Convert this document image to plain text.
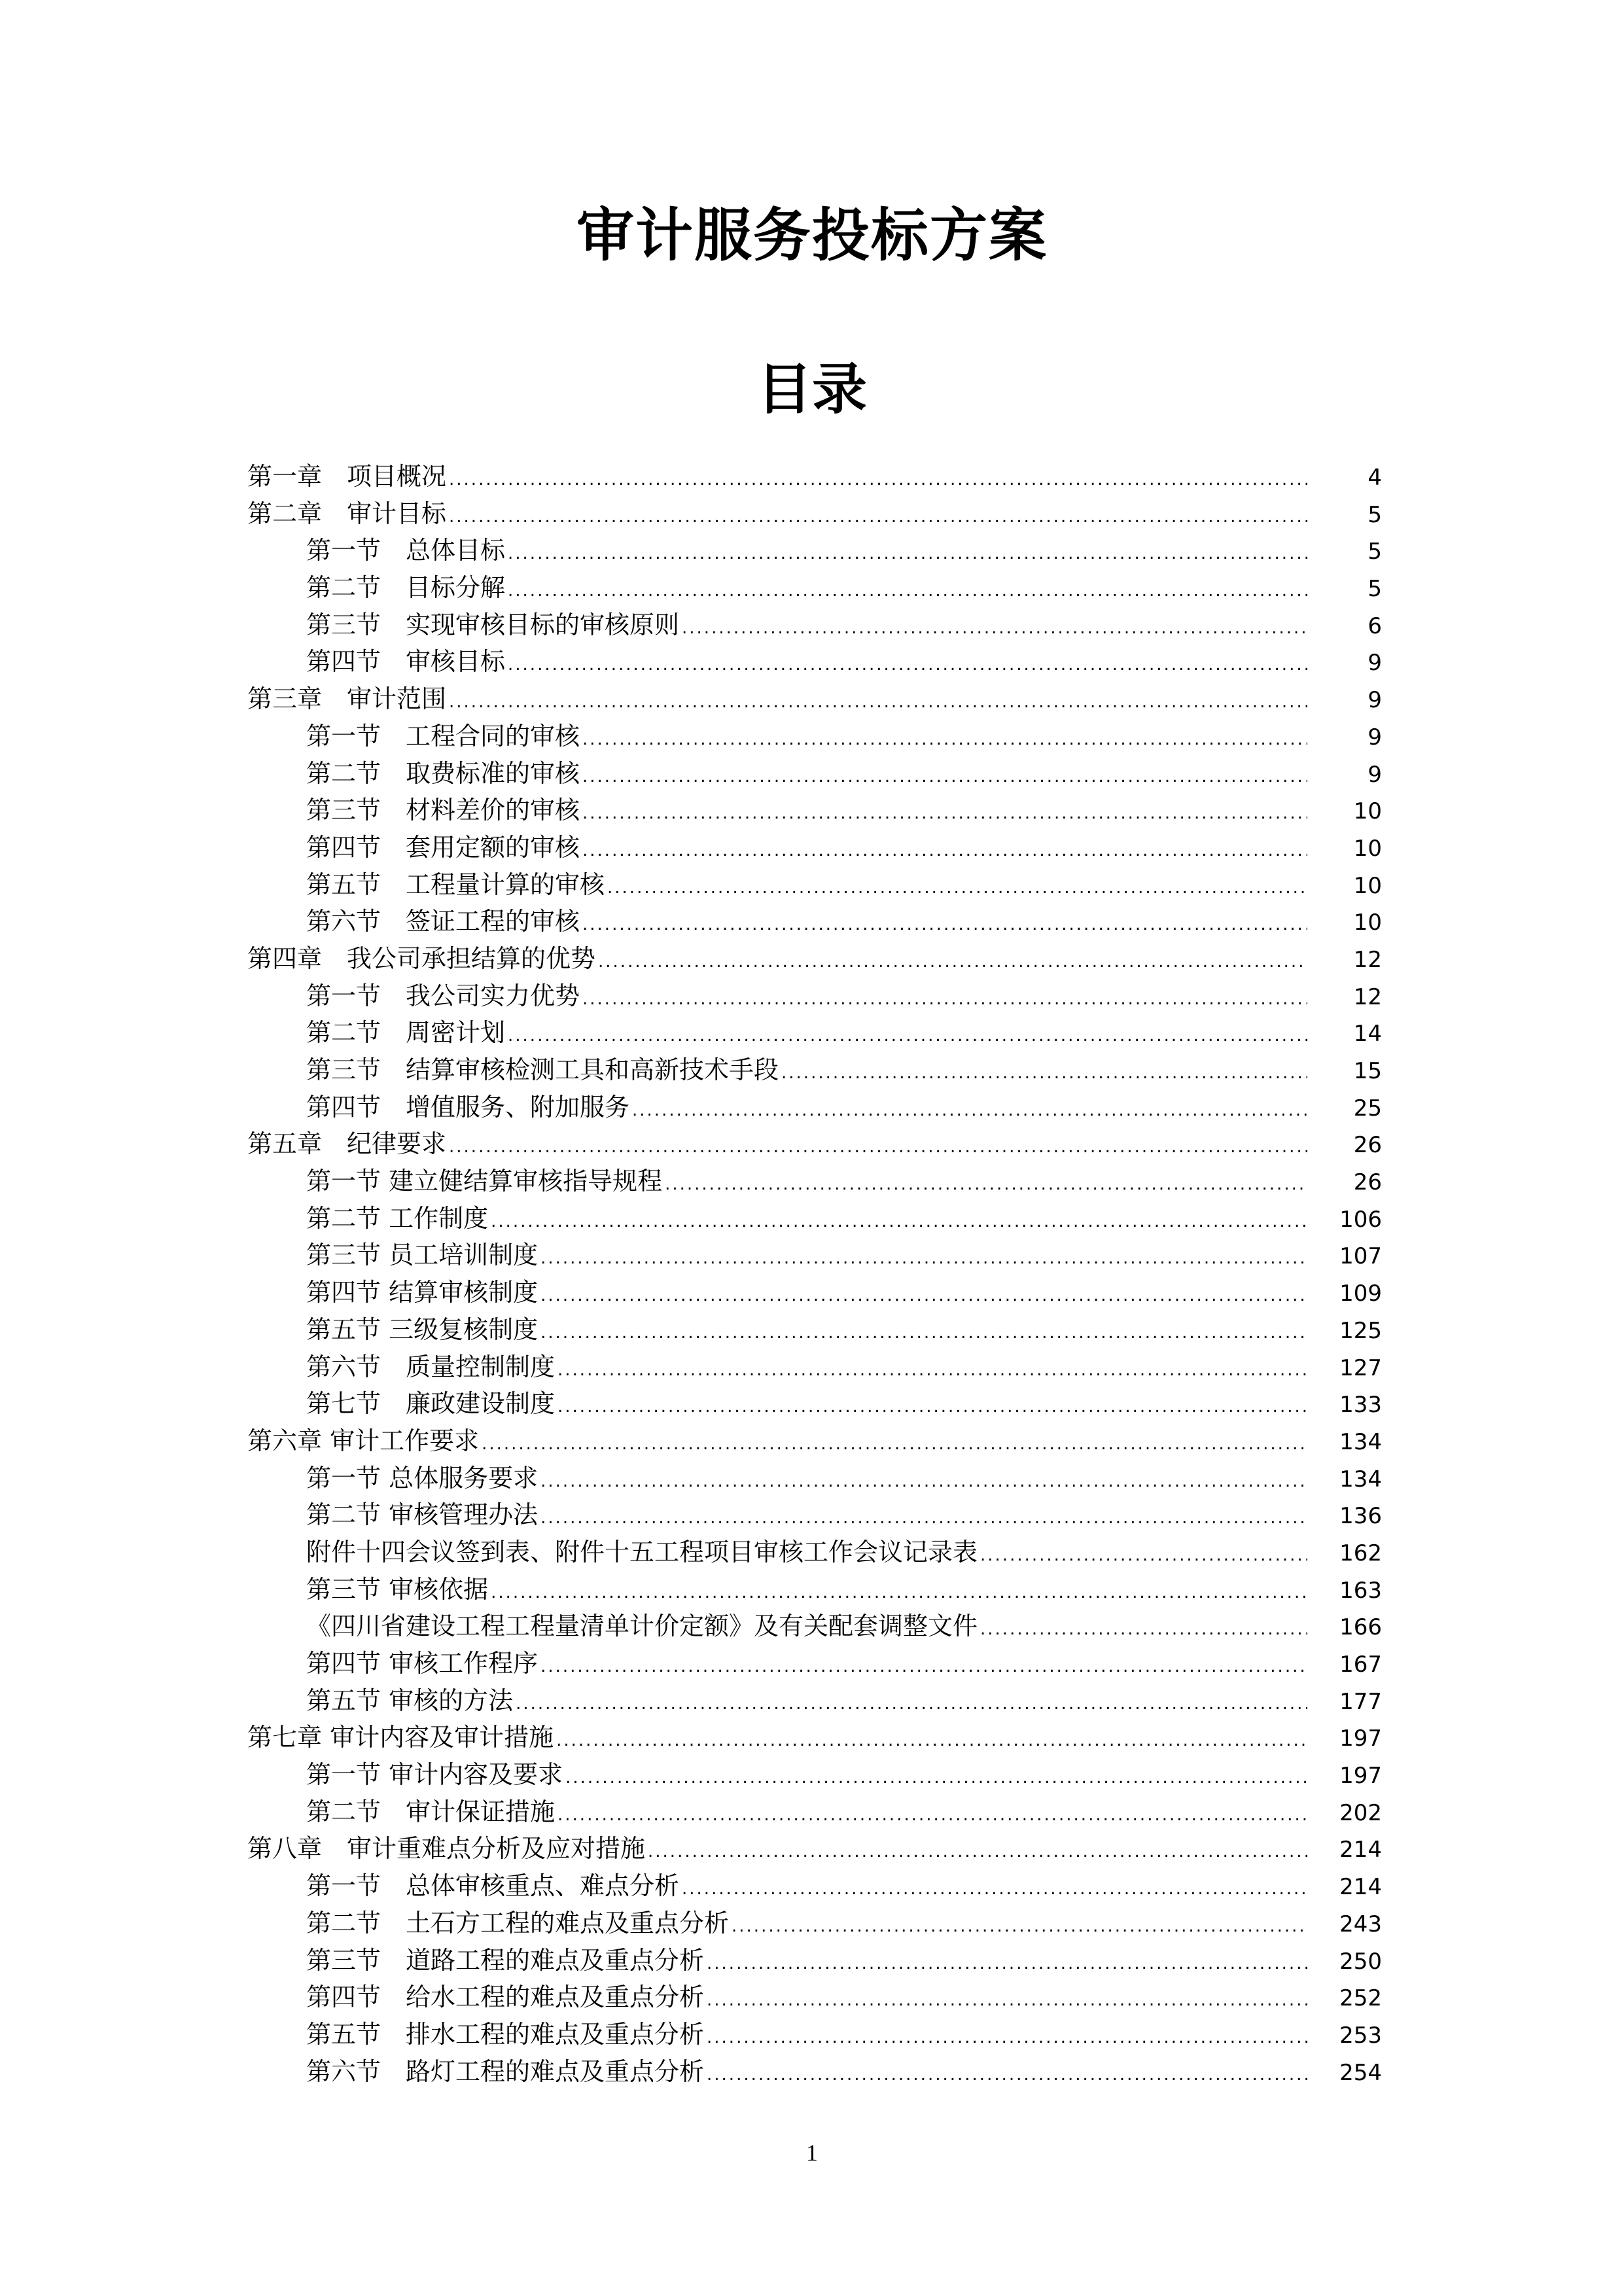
审计服务投标方案
目录
第一章　项目概况 .....	4
第二章　审计目标 .....	5
第一节　总体目标 .....	5
第二节　目标分解 .....	5
第三节　实现审核目标的审核原则 .....	6
第四节　审核目标 .....	9
第三章　审计范围 .....	9
第一节　工程合同的审核 .....	9
第二节　取费标准的审核 .....	9
第三节　材料差价的审核 .....	10
第四节　套用定额的审核 .....	10
第五节　工程量计算的审核 .....	10
第六节　签证工程的审核 .....	10
第四章　我公司承担结算的优势 .....	12
第一节　我公司实力优势 .....	12
第二节　周密计划 .....	14
第三节　结算审核检测工具和高新技术手段 .....	15
第四节　增值服务、附加服务 .....	25
第五章　纪律要求 .....	26
第一节 建立健结算审核指导规程 .....	26
第二节 工作制度 .....	106
第三节 员工培训制度 .....	107
第四节 结算审核制度 .....	109
第五节 三级复核制度 .....	125
第六节　质量控制制度 .....	127
第七节　廉政建设制度 .....	133
第六章 审计工作要求 .....	134
第一节 总体服务要求 .....	134
第二节 审核管理办法 .....	136
附件十四会议签到表、附件十五工程项目审核工作会议记录表 .....	162
第三节 审核依据 .....	163
《四川省建设工程工程量清单计价定额》及有关配套调整文件 .....	166
第四节 审核工作程序 .....	167
第五节 审核的方法 .....	177
第七章 审计内容及审计措施 .....	197
第一节 审计内容及要求 .....	197
第二节　审计保证措施 .....	202
第八章　审计重难点分析及应对措施 .....	214
第一节　总体审核重点、难点分析 .....	214
第二节　土石方工程的难点及重点分析 .....	243
第三节　道路工程的难点及重点分析 .....	250
第四节　给水工程的难点及重点分析 .....	252
第五节　排水工程的难点及重点分析 .....	253
第六节　路灯工程的难点及重点分析 .....	254
1
